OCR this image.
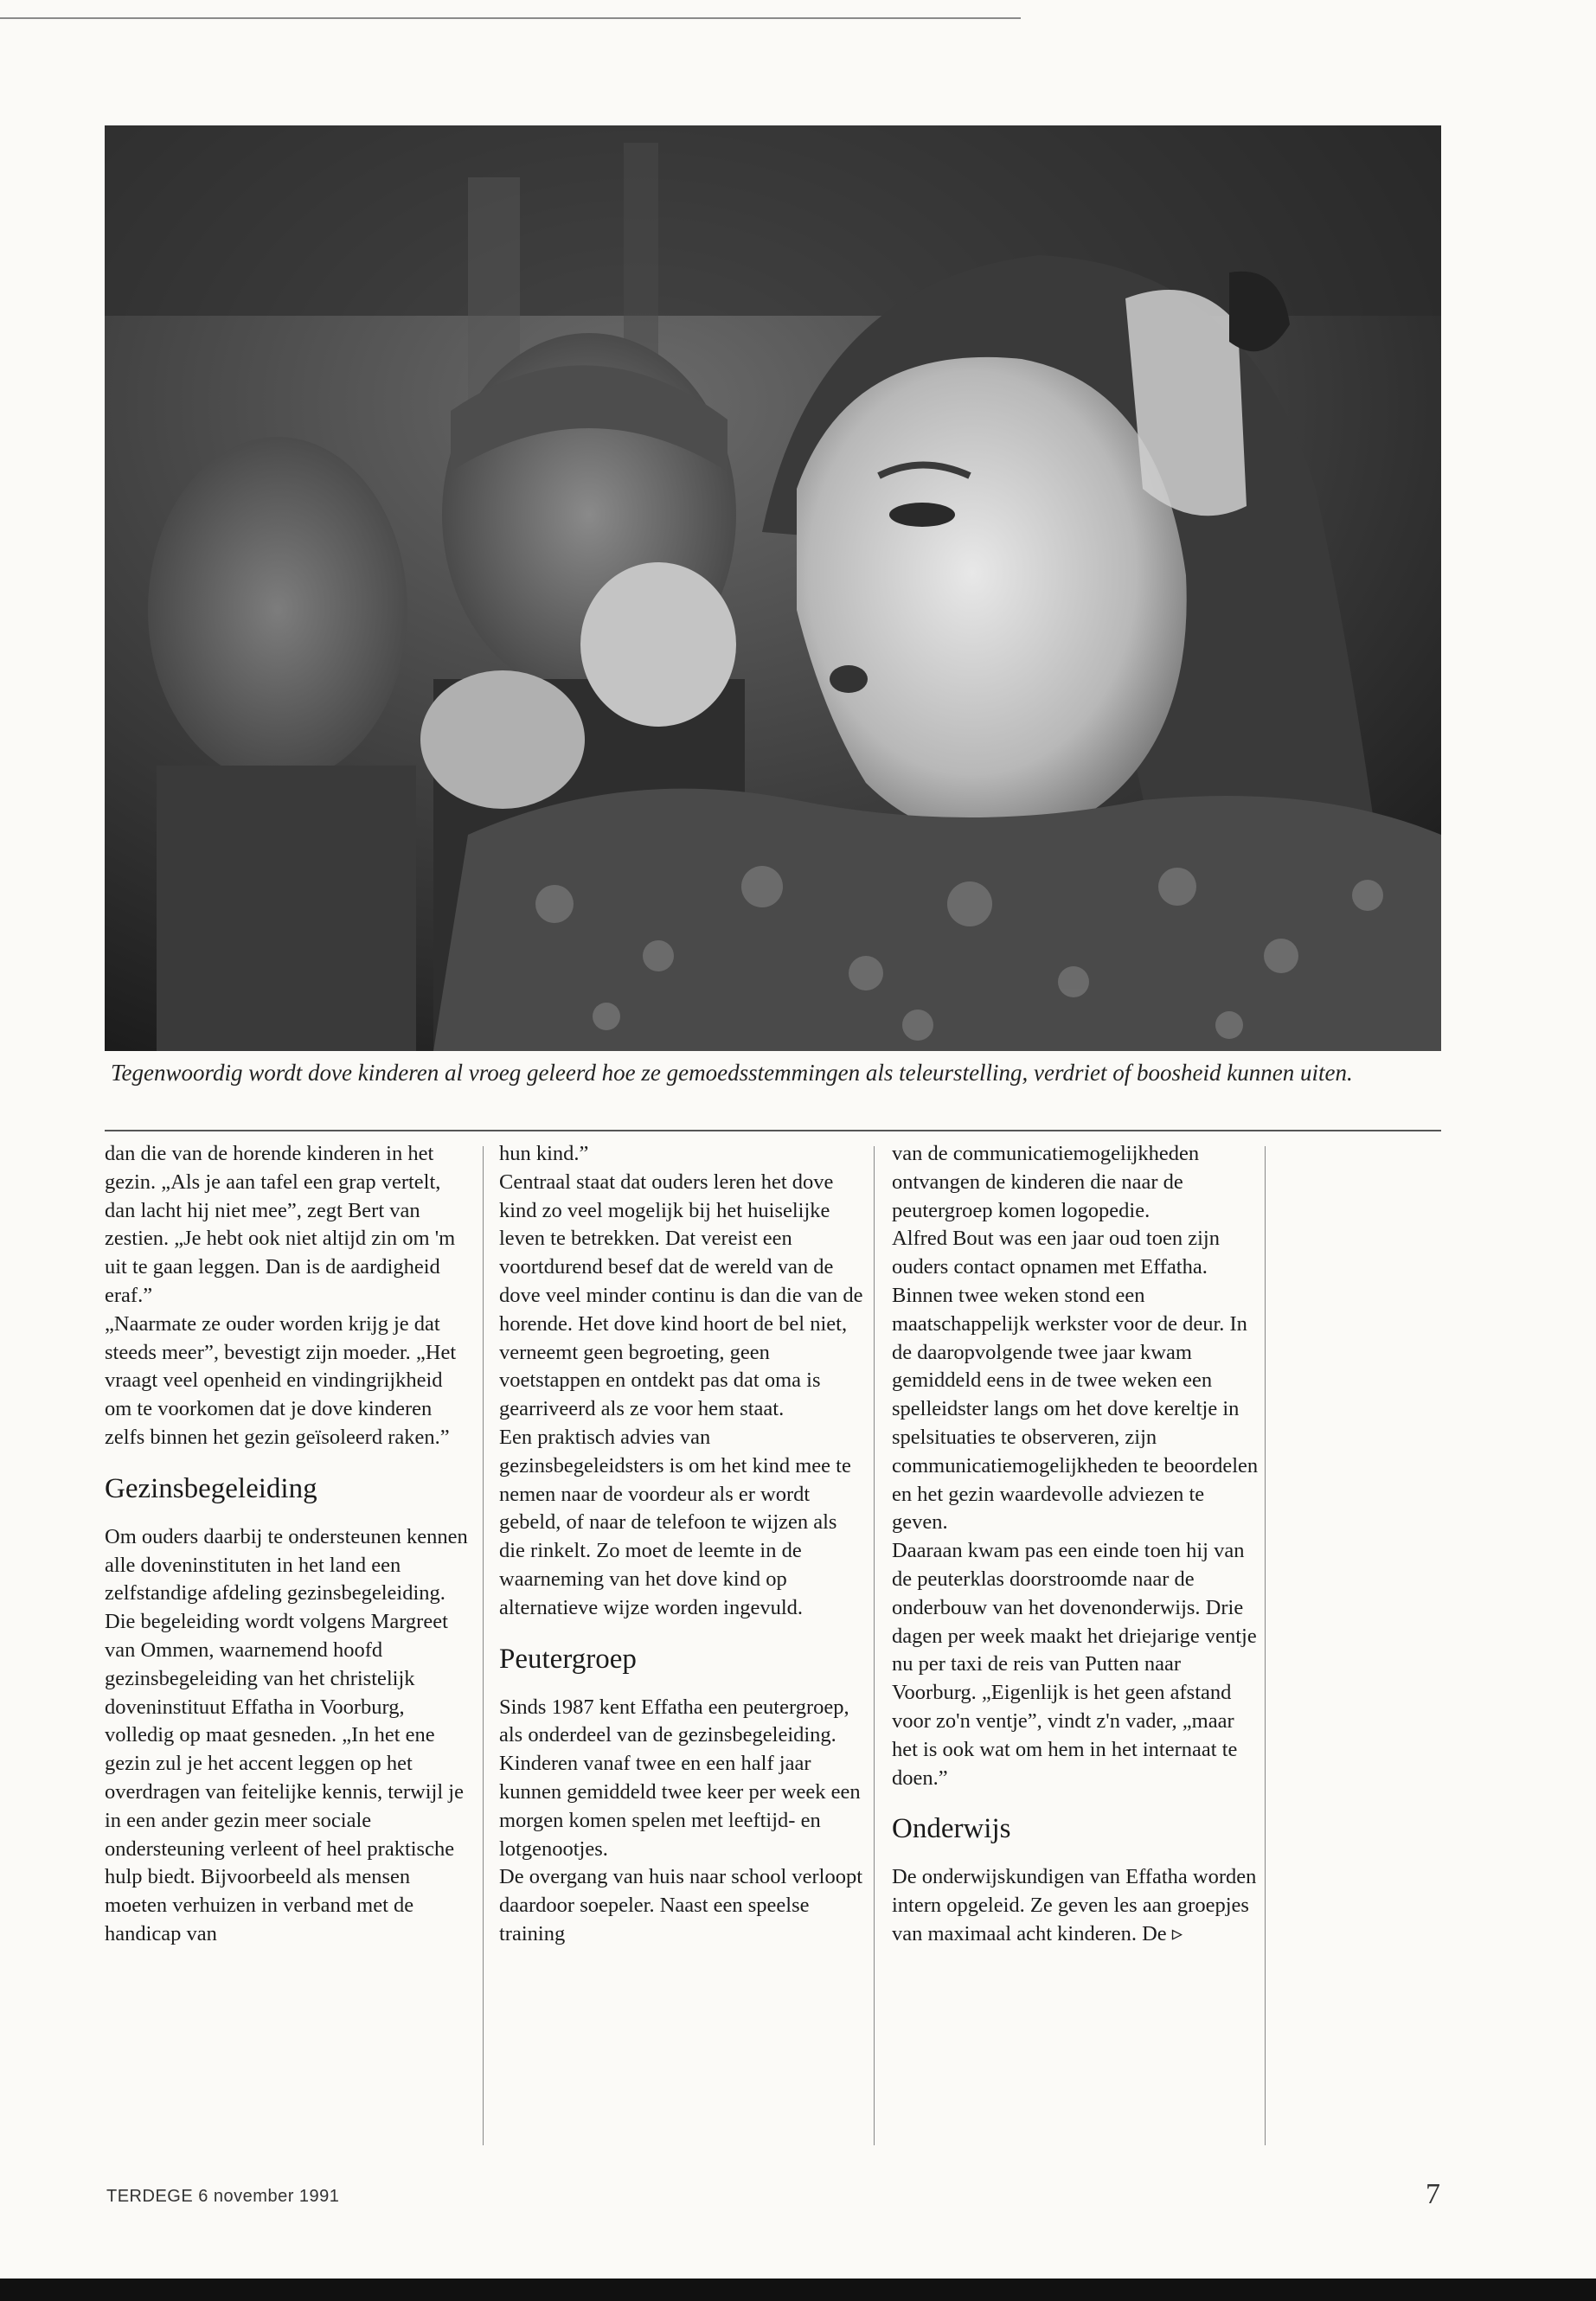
Tegenwoordig wordt dove kinderen al vroeg geleerd hoe ze gemoedsstemmingen als teleurstelling, verdriet of boosheid kunnen uiten.

dan die van de horende kinderen in het gezin. „Als je aan tafel een grap vertelt, dan lacht hij niet mee”, zegt Bert van zestien. „Je hebt ook niet altijd zin om 'm uit te gaan leggen. Dan is de aardigheid eraf.”

„Naarmate ze ouder worden krijg je dat steeds meer”, bevestigt zijn moeder. „Het vraagt veel openheid en vindingrijkheid om te voorkomen dat je dove kinderen zelfs binnen het gezin geïsoleerd raken.”

Gezinsbegeleiding

Om ouders daarbij te ondersteunen kennen alle doveninstituten in het land een zelfstandige afdeling gezinsbegeleiding. Die begeleiding wordt volgens Margreet van Ommen, waarnemend hoofd gezinsbegeleiding van het christelijk doveninstituut Effatha in Voorburg, volledig op maat gesneden. „In het ene gezin zul je het accent leggen op het overdragen van feitelijke kennis, terwijl je in een ander gezin meer sociale ondersteuning verleent of heel praktische hulp biedt. Bijvoorbeeld als mensen moeten verhuizen in verband met de handicap van

hun kind.”

Centraal staat dat ouders leren het dove kind zo veel mogelijk bij het huiselijke leven te betrekken. Dat vereist een voortdurend besef dat de wereld van de dove veel minder continu is dan die van de horende. Het dove kind hoort de bel niet, verneemt geen begroeting, geen voetstappen en ontdekt pas dat oma is gearriveerd als ze voor hem staat.

Een praktisch advies van gezinsbegeleidsters is om het kind mee te nemen naar de voordeur als er wordt gebeld, of naar de telefoon te wijzen als die rinkelt. Zo moet de leemte in de waarneming van het dove kind op alternatieve wijze worden ingevuld.

Peutergroep

Sinds 1987 kent Effatha een peutergroep, als onderdeel van de gezinsbegeleiding. Kinderen vanaf twee en een half jaar kunnen gemiddeld twee keer per week een morgen komen spelen met leeftijd- en lotgenootjes.

De overgang van huis naar school verloopt daardoor soepeler. Naast een speelse training

van de communicatiemogelijkheden ontvangen de kinderen die naar de peutergroep komen logopedie.

Alfred Bout was een jaar oud toen zijn ouders contact opnamen met Effatha. Binnen twee weken stond een maatschappelijk werkster voor de deur. In de daaropvolgende twee jaar kwam gemiddeld eens in de twee weken een spelleidster langs om het dove kereltje in spelsituaties te observeren, zijn communicatiemogelijkheden te beoordelen en het gezin waardevolle adviezen te geven.

Daaraan kwam pas een einde toen hij van de peuterklas doorstroomde naar de onderbouw van het dovenonderwijs. Drie dagen per week maakt het driejarige ventje nu per taxi de reis van Putten naar Voorburg. „Eigenlijk is het geen afstand voor zo'n ventje”, vindt z'n vader, „maar het is ook wat om hem in het internaat te doen.”

Onderwijs

De onderwijskundigen van Effatha worden intern opgeleid. Ze geven les aan groepjes van maximaal acht kinderen. De ▹

TERDEGE 6 november 1991	7
